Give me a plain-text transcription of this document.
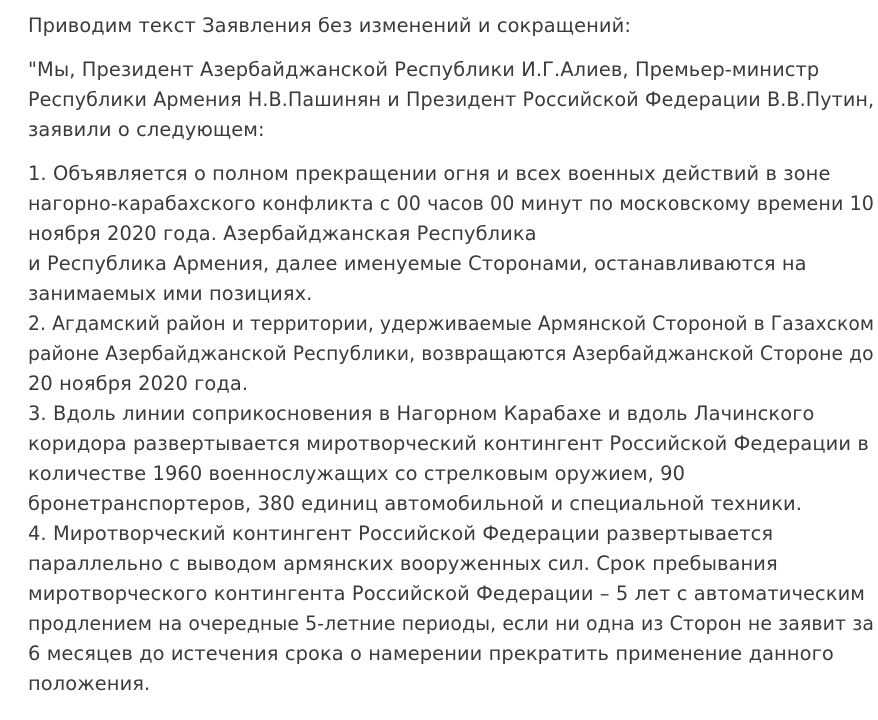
Приводим текст Заявления без изменений и сокращений:
"Мы, Президент Азербайджанской Республики И.Г.Алиев, Премьер-министр
Республики Армения Н.В.Пашинян и Президент Российской Федерации В.В.Путин,
заявили о следующем:
1. Объявляется о полном прекращении огня и всех военных действий в зоне
нагорно-карабахского конфликта с 00 часов 00 минут по московскому времени 10
ноября 2020 года. Азербайджанская Республика
и Республика Армения, далее именуемые Сторонами, останавливаются на
занимаемых ими позициях.
2. Агдамский район и территории, удерживаемые Армянской Стороной в Газахском
районе Азербайджанской Республики, возвращаются Азербайджанской Стороне до
20 ноября 2020 года.
3. Вдоль линии соприкосновения в Нагорном Карабахе и вдоль Лачинского
коридора развертывается миротворческий контингент Российской Федерации в
количестве 1960 военнослужащих со стрелковым оружием, 90
бронетранспортеров, 380 единиц автомобильной и специальной техники.
4. Миротворческий контингент Российской Федерации развертывается
параллельно с выводом армянских вооруженных сил. Срок пребывания
миротворческого контингента Российской Федерации – 5 лет с автоматическим
продлением на очередные 5-летние периоды, если ни одна из Сторон не заявит за
6 месяцев до истечения срока о намерении прекратить применение данного
положения.
